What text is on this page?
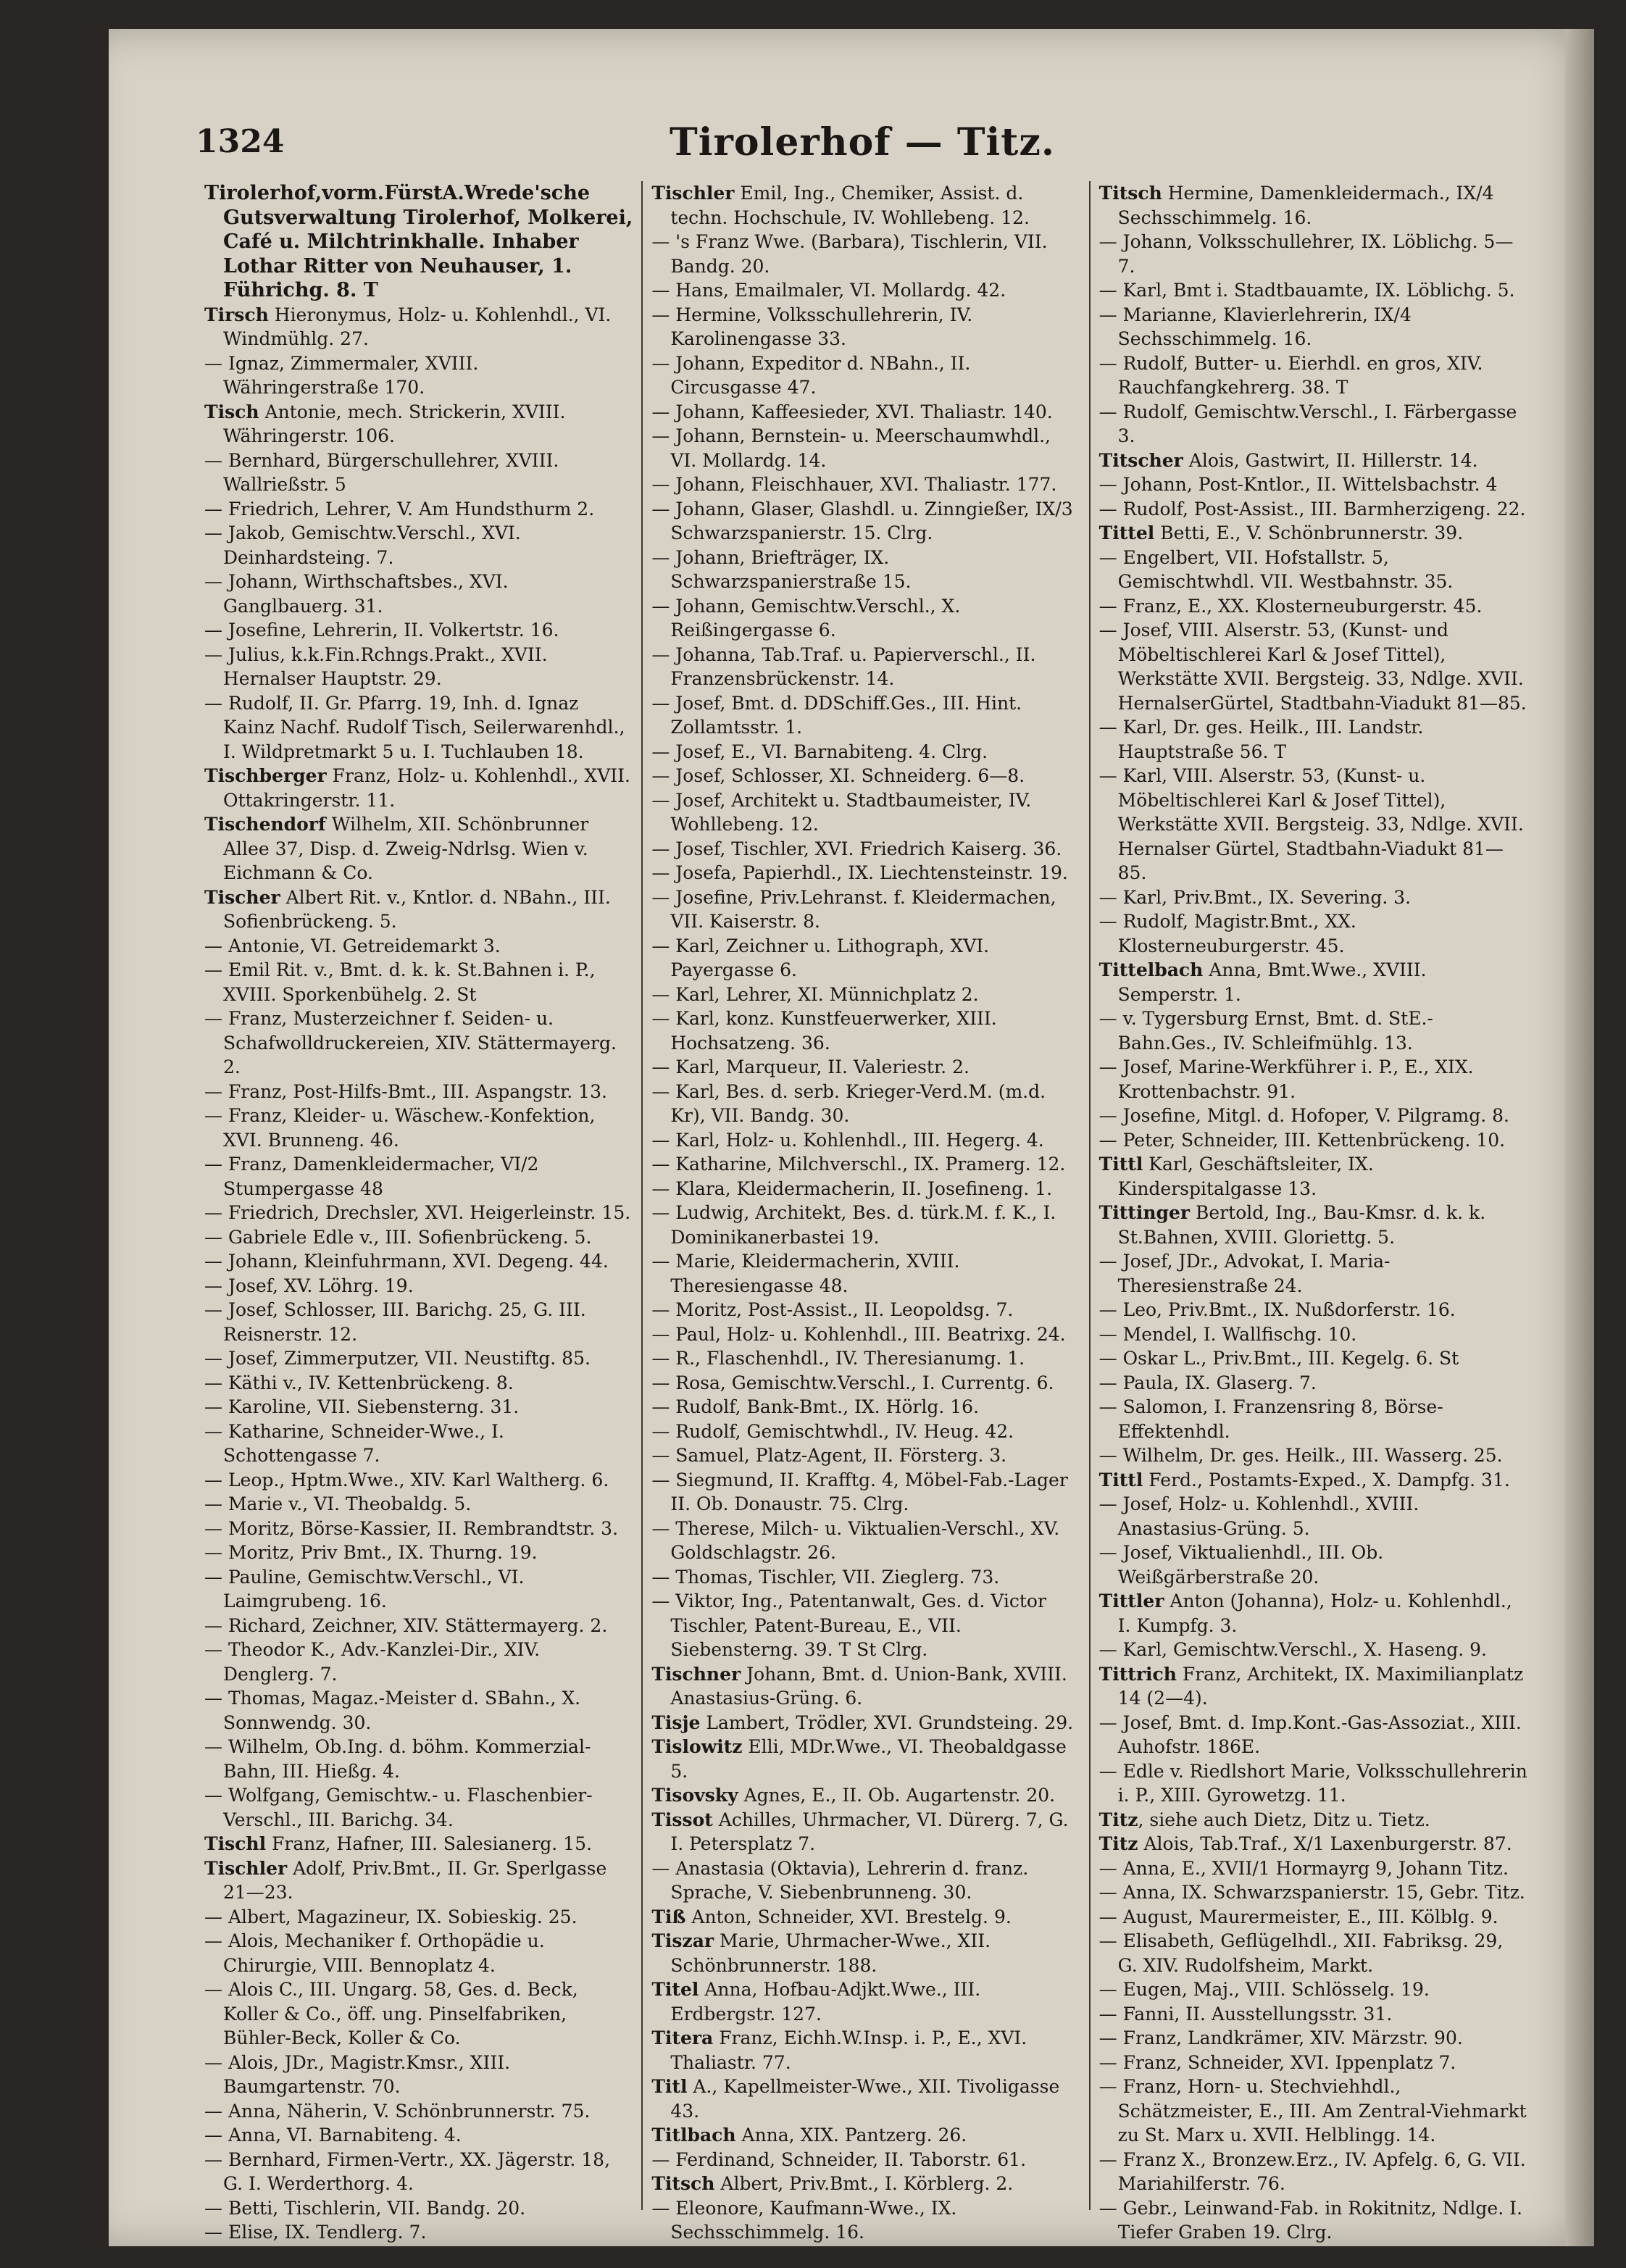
1324	Tirolerhof — Titz.

Tirolerhof,vorm.FürstA.Wrede'sche Gutsverwaltung Tirolerhof, Molkerei, Café u. Milchtrinkhalle. Inhaber Lothar Ritter von Neuhauser, 1. Führichg. 8. T

Tirsch Hieronymus, Holz- u. Kohlenhdl., VI. Windmühlg. 27.

— Ignaz, Zimmermaler, XVIII. Währingerstraße 170.

Tisch Antonie, mech. Strickerin, XVIII. Währingerstr. 106.

— Bernhard, Bürgerschullehrer, XVIII. Wallrießstr. 5

— Friedrich, Lehrer, V. Am Hundsthurm 2.

— Jakob, Gemischtw.Verschl., XVI. Deinhardsteing. 7.

— Johann, Wirthschaftsbes., XVI. Ganglbauerg. 31.

— Josefine, Lehrerin, II. Volkertstr. 16.

— Julius, k.k.Fin.Rchngs.Prakt., XVII. Hernalser Hauptstr. 29.

— Rudolf, II. Gr. Pfarrg. 19, Inh. d. Ignaz Kainz Nachf. Rudolf Tisch, Seilerwarenhdl., I. Wildpretmarkt 5 u. I. Tuchlauben 18.

Tischberger Franz, Holz- u. Kohlenhdl., XVII. Ottakringerstr. 11.

Tischendorf Wilhelm, XII. Schönbrunner Allee 37, Disp. d. Zweig-Ndrlsg. Wien v. Eichmann & Co.

Tischer Albert Rit. v., Kntlor. d. NBahn., III. Sofienbrückeng. 5.

— Antonie, VI. Getreidemarkt 3.

— Emil Rit. v., Bmt. d. k. k. St.Bahnen i. P., XVIII. Sporkenbühelg. 2. St

— Franz, Musterzeichner f. Seiden- u. Schafwolldruckereien, XIV. Stättermayerg. 2.

— Franz, Post-Hilfs-Bmt., III. Aspangstr. 13.

— Franz, Kleider- u. Wäschew.-Konfektion, XVI. Brunneng. 46.

— Franz, Damenkleidermacher, VI/2 Stumpergasse 48

— Friedrich, Drechsler, XVI. Heigerleinstr. 15.

— Gabriele Edle v., III. Sofienbrückeng. 5.

— Johann, Kleinfuhrmann, XVI. Degeng. 44.

— Josef, XV. Löhrg. 19.

— Josef, Schlosser, III. Barichg. 25, G. III. Reisnerstr. 12.

— Josef, Zimmerputzer, VII. Neustiftg. 85.

— Käthi v., IV. Kettenbrückeng. 8.

— Karoline, VII. Siebensterng. 31.

— Katharine, Schneider-Wwe., I. Schottengasse 7.

— Leop., Hptm.Wwe., XIV. Karl Waltherg. 6.

— Marie v., VI. Theobaldg. 5.

— Moritz, Börse-Kassier, II. Rembrandtstr. 3.

— Moritz, Priv Bmt., IX. Thurng. 19.

— Pauline, Gemischtw.Verschl., VI. Laimgrubeng. 16.

— Richard, Zeichner, XIV. Stättermayerg. 2.

— Theodor K., Adv.-Kanzlei-Dir., XIV. Denglerg. 7.

— Thomas, Magaz.-Meister d. SBahn., X. Sonnwendg. 30.

— Wilhelm, Ob.Ing. d. böhm. Kommerzial-Bahn, III. Hießg. 4.

— Wolfgang, Gemischtw.- u. Flaschenbier-Verschl., III. Barichg. 34.

Tischl Franz, Hafner, III. Salesianerg. 15.

Tischler Adolf, Priv.Bmt., II. Gr. Sperlgasse 21—23.

— Albert, Magazineur, IX. Sobieskig. 25.

— Alois, Mechaniker f. Orthopädie u. Chirurgie, VIII. Bennoplatz 4.

— Alois C., III. Ungarg. 58, Ges. d. Beck, Koller & Co., öff. ung. Pinselfabriken, Bühler-Beck, Koller & Co.

— Alois, JDr., Magistr.Kmsr., XIII. Baumgartenstr. 70.

— Anna, Näherin, V. Schönbrunnerstr. 75.

— Anna, VI. Barnabiteng. 4.

— Bernhard, Firmen-Vertr., XX. Jägerstr. 18, G. I. Werderthorg. 4.

— Betti, Tischlerin, VII. Bandg. 20.

— Elise, IX. Tendlerg. 7.

Tischler Emil, Ing., Chemiker, Assist. d. techn. Hochschule, IV. Wohllebeng. 12.

— 's Franz Wwe. (Barbara), Tischlerin, VII. Bandg. 20.

— Hans, Emailmaler, VI. Mollardg. 42.

— Hermine, Volksschullehrerin, IV. Karolinengasse 33.

— Johann, Expeditor d. NBahn., II. Circusgasse 47.

— Johann, Kaffeesieder, XVI. Thaliastr. 140.

— Johann, Bernstein- u. Meerschaumwhdl., VI. Mollardg. 14.

— Johann, Fleischhauer, XVI. Thaliastr. 177.

— Johann, Glaser, Glashdl. u. Zinngießer, IX/3 Schwarzspanierstr. 15. Clrg.

— Johann, Briefträger, IX. Schwarzspanierstraße 15.

— Johann, Gemischtw.Verschl., X. Reißingergasse 6.

— Johanna, Tab.Traf. u. Papierverschl., II. Franzensbrückenstr. 14.

— Josef, Bmt. d. DDSchiff.Ges., III. Hint. Zollamtsstr. 1.

— Josef, E., VI. Barnabiteng. 4. Clrg.

— Josef, Schlosser, XI. Schneiderg. 6—8.

— Josef, Architekt u. Stadtbaumeister, IV. Wohllebeng. 12.

— Josef, Tischler, XVI. Friedrich Kaiserg. 36.

— Josefa, Papierhdl., IX. Liechtensteinstr. 19.

— Josefine, Priv.Lehranst. f. Kleidermachen, VII. Kaiserstr. 8.

— Karl, Zeichner u. Lithograph, XVI. Payergasse 6.

— Karl, Lehrer, XI. Münnichplatz 2.

— Karl, konz. Kunstfeuerwerker, XIII. Hochsatzeng. 36.

— Karl, Marqueur, II. Valeriestr. 2.

— Karl, Bes. d. serb. Krieger-Verd.M. (m.d. Kr), VII. Bandg. 30.

— Karl, Holz- u. Kohlenhdl., III. Hegerg. 4.

— Katharine, Milchverschl., IX. Pramerg. 12.

— Klara, Kleidermacherin, II. Josefineng. 1.

— Ludwig, Architekt, Bes. d. türk.M. f. K., I. Dominikanerbastei 19.

— Marie, Kleidermacherin, XVIII. Theresiengasse 48.

— Moritz, Post-Assist., II. Leopoldsg. 7.

— Paul, Holz- u. Kohlenhdl., III. Beatrixg. 24.

— R., Flaschenhdl., IV. Theresianumg. 1.

— Rosa, Gemischtw.Verschl., I. Currentg. 6.

— Rudolf, Bank-Bmt., IX. Hörlg. 16.

— Rudolf, Gemischtwhdl., IV. Heug. 42.

— Samuel, Platz-Agent, II. Försterg. 3.

— Siegmund, II. Krafftg. 4, Möbel-Fab.-Lager II. Ob. Donaustr. 75. Clrg.

— Therese, Milch- u. Viktualien-Verschl., XV. Goldschlagstr. 26.

— Thomas, Tischler, VII. Zieglerg. 73.

— Viktor, Ing., Patentanwalt, Ges. d. Victor Tischler, Patent-Bureau, E., VII. Siebensterng. 39. T St Clrg.

Tischner Johann, Bmt. d. Union-Bank, XVIII. Anastasius-Grüng. 6.

Tisje Lambert, Trödler, XVI. Grundsteing. 29.

Tislowitz Elli, MDr.Wwe., VI. Theobaldgasse 5.

Tisovsky Agnes, E., II. Ob. Augartenstr. 20.

Tissot Achilles, Uhrmacher, VI. Dürerg. 7, G. I. Petersplatz 7.

— Anastasia (Oktavia), Lehrerin d. franz. Sprache, V. Siebenbrunneng. 30.

Tiß Anton, Schneider, XVI. Brestelg. 9.

Tiszar Marie, Uhrmacher-Wwe., XII. Schönbrunnerstr. 188.

Titel Anna, Hofbau-Adjkt.Wwe., III. Erdbergstr. 127.

Titera Franz, Eichh.W.Insp. i. P., E., XVI. Thaliastr. 77.

Titl A., Kapellmeister-Wwe., XII. Tivoligasse 43.

Titlbach Anna, XIX. Pantzerg. 26.

— Ferdinand, Schneider, II. Taborstr. 61.

Titsch Albert, Priv.Bmt., I. Körblerg. 2.

— Eleonore, Kaufmann-Wwe., IX. Sechsschimmelg. 16.

Titsch Hermine, Damenkleidermach., IX/4 Sechsschimmelg. 16.

— Johann, Volksschullehrer, IX. Löblichg. 5—7.

— Karl, Bmt i. Stadtbauamte, IX. Löblichg. 5.

— Marianne, Klavierlehrerin, IX/4 Sechsschimmelg. 16.

— Rudolf, Butter- u. Eierhdl. en gros, XIV. Rauchfangkehrerg. 38. T

— Rudolf, Gemischtw.Verschl., I. Färbergasse 3.

Titscher Alois, Gastwirt, II. Hillerstr. 14.

— Johann, Post-Kntlor., II. Wittelsbachstr. 4

— Rudolf, Post-Assist., III. Barmherzigeng. 22.

Tittel Betti, E., V. Schönbrunnerstr. 39.

— Engelbert, VII. Hofstallstr. 5, Gemischtwhdl. VII. Westbahnstr. 35.

— Franz, E., XX. Klosterneuburgerstr. 45.

— Josef, VIII. Alserstr. 53, (Kunst- und Möbeltischlerei Karl & Josef Tittel), Werkstätte XVII. Bergsteig. 33, Ndlge. XVII. HernalserGürtel, Stadtbahn-Viadukt 81—85.

— Karl, Dr. ges. Heilk., III. Landstr. Hauptstraße 56. T

— Karl, VIII. Alserstr. 53, (Kunst- u. Möbeltischlerei Karl & Josef Tittel), Werkstätte XVII. Bergsteig. 33, Ndlge. XVII. Hernalser Gürtel, Stadtbahn-Viadukt 81—85.

— Karl, Priv.Bmt., IX. Severing. 3.

— Rudolf, Magistr.Bmt., XX. Klosterneuburgerstr. 45.

Tittelbach Anna, Bmt.Wwe., XVIII. Semperstr. 1.

— v. Tygersburg Ernst, Bmt. d. StE.-Bahn.Ges., IV. Schleifmühlg. 13.

— Josef, Marine-Werkführer i. P., E., XIX. Krottenbachstr. 91.

— Josefine, Mitgl. d. Hofoper, V. Pilgramg. 8.

— Peter, Schneider, III. Kettenbrückeng. 10.

Tittl Karl, Geschäftsleiter, IX. Kinderspitalgasse 13.

Tittinger Bertold, Ing., Bau-Kmsr. d. k. k. St.Bahnen, XVIII. Gloriettg. 5.

— Josef, JDr., Advokat, I. Maria-Theresienstraße 24.

— Leo, Priv.Bmt., IX. Nußdorferstr. 16.

— Mendel, I. Wallfischg. 10.

— Oskar L., Priv.Bmt., III. Kegelg. 6. St

— Paula, IX. Glaserg. 7.

— Salomon, I. Franzensring 8, Börse-Effektenhdl.

— Wilhelm, Dr. ges. Heilk., III. Wasserg. 25.

Tittl Ferd., Postamts-Exped., X. Dampfg. 31.

— Josef, Holz- u. Kohlenhdl., XVIII. Anastasius-Grüng. 5.

— Josef, Viktualienhdl., III. Ob. Weißgärberstraße 20.

Tittler Anton (Johanna), Holz- u. Kohlenhdl., I. Kumpfg. 3.

— Karl, Gemischtw.Verschl., X. Haseng. 9.

Tittrich Franz, Architekt, IX. Maximilianplatz 14 (2—4).

— Josef, Bmt. d. Imp.Kont.-Gas-Assoziat., XIII. Auhofstr. 186E.

— Edle v. Riedlshort Marie, Volksschullehrerin i. P., XIII. Gyrowetzg. 11.

Titz, siehe auch Dietz, Ditz u. Tietz.

Titz Alois, Tab.Traf., X/1 Laxenburgerstr. 87.

— Anna, E., XVII/1 Hormayrg 9, Johann Titz.

— Anna, IX. Schwarzspanierstr. 15, Gebr. Titz.

— August, Maurermeister, E., III. Kölblg. 9.

— Elisabeth, Geflügelhdl., XII. Fabriksg. 29, G. XIV. Rudolfsheim, Markt.

— Eugen, Maj., VIII. Schlösselg. 19.

— Fanni, II. Ausstellungsstr. 31.

— Franz, Landkrämer, XIV. Märzstr. 90.

— Franz, Schneider, XVI. Ippenplatz 7.

— Franz, Horn- u. Stechviehhdl., Schätzmeister, E., III. Am Zentral-Viehmarkt zu St. Marx u. XVII. Helblingg. 14.

— Franz X., Bronzew.Erz., IV. Apfelg. 6, G. VII. Mariahilferstr. 76.

— Gebr., Leinwand-Fab. in Rokitnitz, Ndlge. I. Tiefer Graben 19. Clrg.
